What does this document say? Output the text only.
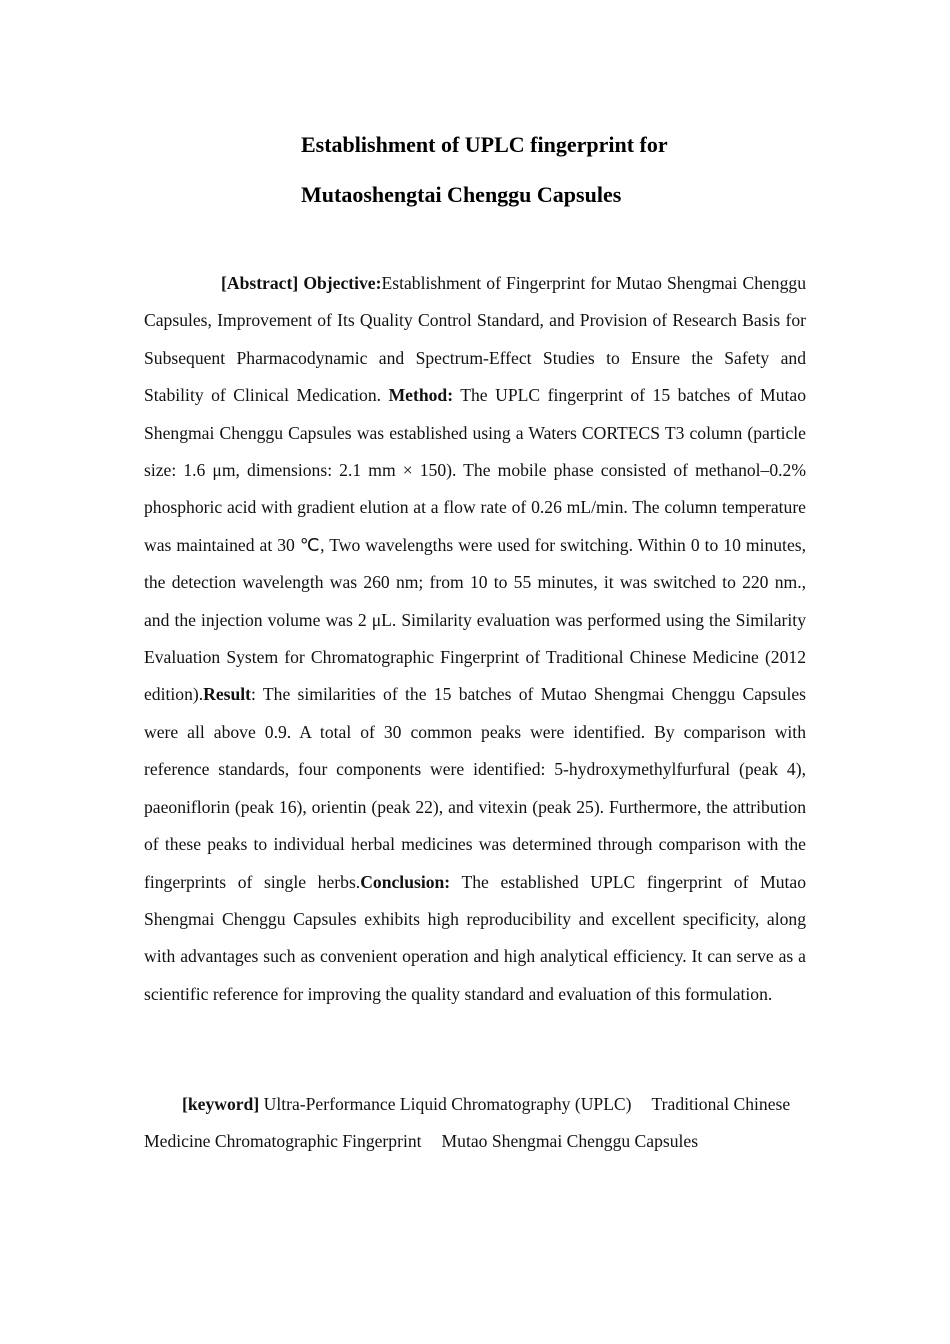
Establishment of UPLC fingerprint for
Mutaoshengtai Chenggu Capsules

[Abstract] Objective:Establishment of Fingerprint for Mutao Shengmai Chenggu Capsules, Improvement of Its Quality Control Standard, and Provision of Research Basis for Subsequent Pharmacodynamic and Spectrum-Effect Studies to Ensure the Safety and Stability of Clinical Medication. Method: The UPLC fingerprint of 15 batches of Mutao Shengmai Chenggu Capsules was established using a Waters CORTECS T3 column (particle size: 1.6 μm, dimensions: 2.1 mm × 150). The mobile phase consisted of methanol–0.2% phosphoric acid with gradient elution at a flow rate of 0.26 mL/min. The column temperature was maintained at 30 ℃, Two wavelengths were used for switching. Within 0 to 10 minutes, the detection wavelength was 260 nm; from 10 to 55 minutes, it was switched to 220 nm., and the injection volume was 2 μL. Similarity evaluation was performed using the Similarity Evaluation System for Chromatographic Fingerprint of Traditional Chinese Medicine (2012 edition).Result: The similarities of the 15 batches of Mutao Shengmai Chenggu Capsules were all above 0.9. A total of 30 common peaks were identified. By comparison with reference standards, four components were identified: 5-hydroxymethylfurfural (peak 4), paeoniflorin (peak 16), orientin (peak 22), and vitexin (peak 25). Furthermore, the attribution of these peaks to individual herbal medicines was determined through comparison with the fingerprints of single herbs.Conclusion: The established UPLC fingerprint of Mutao Shengmai Chenggu Capsules exhibits high reproducibility and excellent specificity, along with advantages such as convenient operation and high analytical efficiency. It can serve as a scientific reference for improving the quality standard and evaluation of this formulation.

[keyword] Ultra-Performance Liquid Chromatography (UPLC) Traditional Chinese Medicine Chromatographic Fingerprint Mutao Shengmai Chenggu Capsules
